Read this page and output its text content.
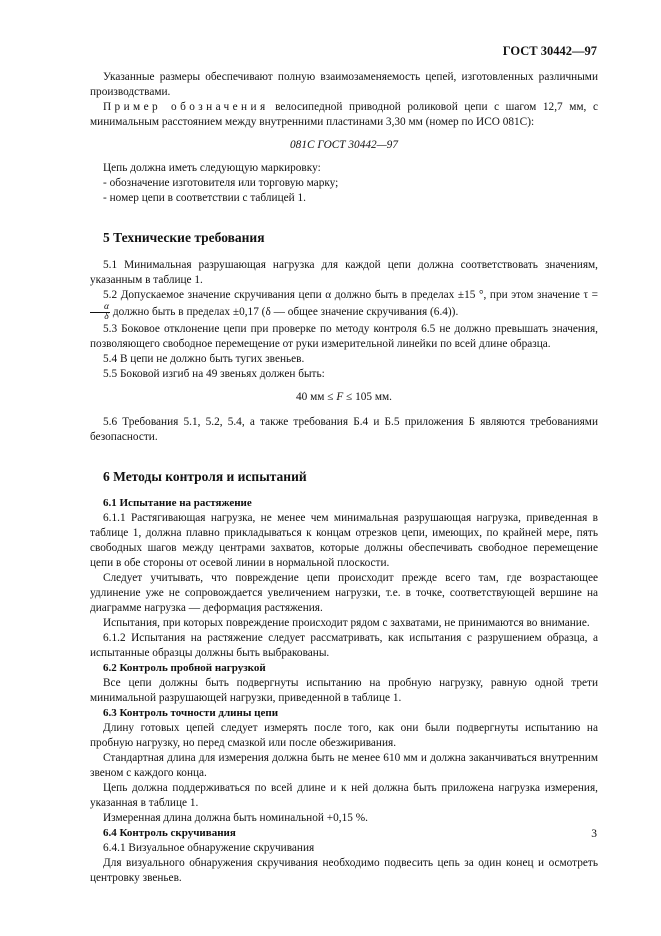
ГОСТ 30442—97

Указанные размеры обеспечивают полную взаимозаменяемость цепей, изготовленных различными производствами.

Пример обозначения велосипедной приводной роликовой цепи с шагом 12,7 мм, с минимальным расстоянием между внутренними пластинами 3,30 мм (номер по ИСО 081С):

081С ГОСТ 30442—97

Цепь должна иметь следующую маркировку:

- обозначение изготовителя или торговую марку;

- номер цепи в соответствии с таблицей 1.

5 Технические требования

5.1 Минимальная разрушающая нагрузка для каждой цепи должна соответствовать значениям, указанным в таблице 1.

5.2 Допускаемое значение скручивания цепи α должно быть в пределах ±15 °, при этом значение τ =
$\frac{\alpha}{\delta}$ должно быть в пределах ±0,17 (δ — общее значение скручивания (6.4)).

5.3 Боковое отклонение цепи при проверке по методу контроля 6.5 не должно превышать значения, позволяющего свободное перемещение от руки измерительной линейки по всей длине образца.

5.4 В цепи не должно быть тугих звеньев.

5.5 Боковой изгиб на 49 звеньях должен быть:

40 мм ≤ F ≤ 105 мм.

5.6 Требования 5.1, 5.2, 5.4, а также требования Б.4 и Б.5 приложения Б являются требованиями безопасности.

6 Методы контроля и испытаний
6.1 Испытание на растяжение

6.1.1 Растягивающая нагрузка, не менее чем минимальная разрушающая нагрузка, приведенная в таблице 1, должна плавно прикладываться к концам отрезков цепи, имеющих, по крайней мере, пять свободных шагов между центрами захватов, которые должны обеспечивать свободное перемещение цепи в обе стороны от осевой линии в нормальной плоскости.

Следует учитывать, что повреждение цепи происходит прежде всего там, где возрастающее удлинение уже не сопровождается увеличением нагрузки, т.е. в точке, соответствующей вершине на диаграмме нагрузка — деформация растяжения.

Испытания, при которых повреждение происходит рядом с захватами, не принимаются во внимание.

6.1.2 Испытания на растяжение следует рассматривать, как испытания с разрушением образца, а испытанные образцы должны быть выбракованы.

6.2 Контроль пробной нагрузкой

Все цепи должны быть подвергнуты испытанию на пробную нагрузку, равную одной трети минимальной разрушающей нагрузки, приведенной в таблице 1.

6.3 Контроль точности длины цепи

Длину готовых цепей следует измерять после того, как они были подвергнуты испытанию на пробную нагрузку, но перед смазкой или после обезжиривания.

Стандартная длина для измерения должна быть не менее 610 мм и должна заканчиваться внутренним звеном с каждого конца.

Цепь должна поддерживаться по всей длине и к ней должна быть приложена нагрузка измерения, указанная в таблице 1.

Измеренная длина должна быть номинальной +0,15 %.

6.4 Контроль скручивания

6.4.1 Визуальное обнаружение скручивания

Для визуального обнаружения скручивания необходимо подвесить цепь за один конец и осмотреть центровку звеньев.

3
